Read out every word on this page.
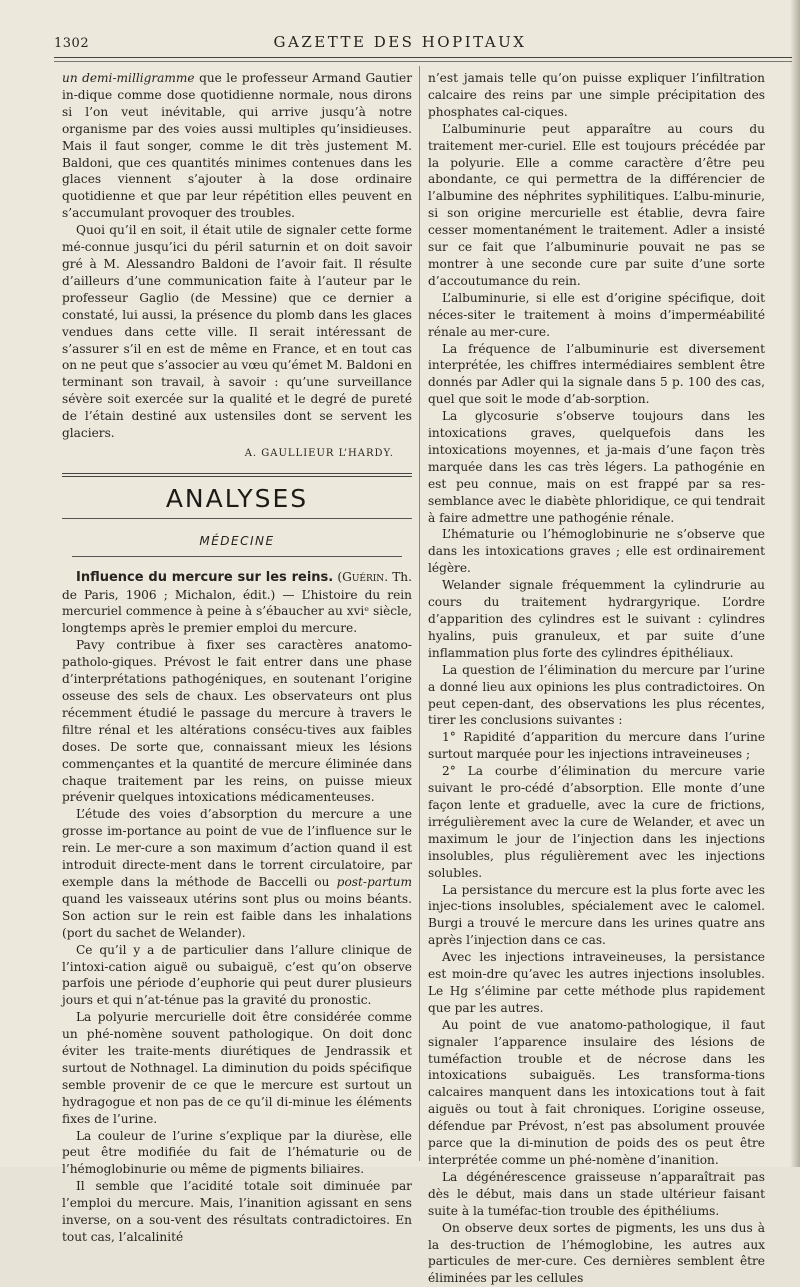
1302	GAZETTE DES HOPITAUX

un demi-milligramme que le professeur Armand Gautier in-dique comme dose quotidienne normale, nous dirons si l’on veut inévitable, qui arrive jusqu’à notre organisme par des voies aussi multiples qu’insidieuses. Mais il faut songer, comme le dit très justement M. Baldoni, que ces quantités minimes contenues dans les glaces viennent s’ajouter à la dose ordinaire quotidienne et que par leur répétition elles peuvent en s’accumulant provoquer des troubles.

Quoi qu’il en soit, il était utile de signaler cette forme mé-connue jusqu’ici du péril saturnin et on doit savoir gré à M. Alessandro Baldoni de l’avoir fait. Il résulte d’ailleurs d’une communication faite à l’auteur par le professeur Gaglio (de Messine) que ce dernier a constaté, lui aussi, la présence du plomb dans les glaces vendues dans cette ville. Il serait intéressant de s’assurer s’il en est de même en France, et en tout cas on ne peut que s’associer au vœu qu’émet M. Baldoni en terminant son travail, à savoir : qu’une surveillance sévère soit exercée sur la qualité et le degré de pureté de l’étain destiné aux ustensiles dont se servent les glaciers.

A. GAULLIEUR L’HARDY.
ANALYSES
MÉDECINE

Influence du mercure sur les reins. (Guérin. Th. de Paris, 1906 ; Michalon, édit.) — L’histoire du rein mercuriel commence à peine à s’ébaucher au xviᵉ siècle, longtemps après le premier emploi du mercure.

Pavy contribue à fixer ses caractères anatomo-patholo-giques. Prévost le fait entrer dans une phase d’interprétations pathogéniques, en soutenant l’origine osseuse des sels de chaux. Les observateurs ont plus récemment étudié le passage du mercure à travers le filtre rénal et les altérations consécu-tives aux faibles doses. De sorte que, connaissant mieux les lésions commençantes et la quantité de mercure éliminée dans chaque traitement par les reins, on puisse mieux prévenir quelques intoxications médicamenteuses.

L’étude des voies d’absorption du mercure a une grosse im-portance au point de vue de l’influence sur le rein. Le mer-cure a son maximum d’action quand il est introduit directe-ment dans le torrent circulatoire, par exemple dans la méthode de Baccelli ou post-partum quand les vaisseaux utérins sont plus ou moins béants. Son action sur le rein est faible dans les inhalations (port du sachet de Welander).

Ce qu’il y a de particulier dans l’allure clinique de l’intoxi-cation aiguë ou subaiguë, c’est qu’on observe parfois une période d’euphorie qui peut durer plusieurs jours et qui n’at-ténue pas la gravité du pronostic.

La polyurie mercurielle doit être considérée comme un phé-nomène souvent pathologique. On doit donc éviter les traite-ments diurétiques de Jendrassik et surtout de Nothnagel. La diminution du poids spécifique semble provenir de ce que le mercure est surtout un hydragogue et non pas de ce qu’il di-minue les éléments fixes de l’urine.

La couleur de l’urine s’explique par la diurèse, elle peut être modifiée du fait de l’hématurie ou de l’hémoglobinurie ou même de pigments biliaires.

Il semble que l’acidité totale soit diminuée par l’emploi du mercure. Mais, l’inanition agissant en sens inverse, on a sou-vent des résultats contradictoires. En tout cas, l’alcalinité

n’est jamais telle qu’on puisse expliquer l’infiltration calcaire des reins par une simple précipitation des phosphates cal-ciques.

L’albuminurie peut apparaître au cours du traitement mer-curiel. Elle est toujours précédée par la polyurie. Elle a comme caractère d’être peu abondante, ce qui permettra de la différencier de l’albumine des néphrites syphilitiques. L’albu-minurie, si son origine mercurielle est établie, devra faire cesser momentanément le traitement. Adler a insisté sur ce fait que l’albuminurie pouvait ne pas se montrer à une seconde cure par suite d’une sorte d’accoutumance du rein.

L’albuminurie, si elle est d’origine spécifique, doit néces-siter le traitement à moins d’imperméabilité rénale au mer-cure.

La fréquence de l’albuminurie est diversement interprétée, les chiffres intermédiaires semblent être donnés par Adler qui la signale dans 5 p. 100 des cas, quel que soit le mode d’ab-sorption.

La glycosurie s’observe toujours dans les intoxications graves, quelquefois dans les intoxications moyennes, et ja-mais d’une façon très marquée dans les cas très légers. La pathogénie en est peu connue, mais on est frappé par sa res-semblance avec le diabète phloridique, ce qui tendrait à faire admettre une pathogénie rénale.

L’hématurie ou l’hémoglobinurie ne s’observe que dans les intoxications graves ; elle est ordinairement légère.

Welander signale fréquemment la cylindrurie au cours du traitement hydrargyrique. L’ordre d’apparition des cylindres est le suivant : cylindres hyalins, puis granuleux, et par suite d’une inflammation plus forte des cylindres épithéliaux.

La question de l’élimination du mercure par l’urine a donné lieu aux opinions les plus contradictoires. On peut cepen-dant, des observations les plus récentes, tirer les conclusions suivantes :

1° Rapidité d’apparition du mercure dans l’urine surtout marquée pour les injections intraveineuses ;

2° La courbe d’élimination du mercure varie suivant le pro-cédé d’absorption. Elle monte d’une façon lente et graduelle, avec la cure de frictions, irrégulièrement avec la cure de Welander, et avec un maximum le jour de l’injection dans les injections insolubles, plus régulièrement avec les injections solubles.

La persistance du mercure est la plus forte avec les injec-tions insolubles, spécialement avec le calomel. Burgi a trouvé le mercure dans les urines quatre ans après l’injection dans ce cas.

Avec les injections intraveineuses, la persistance est moin-dre qu’avec les autres injections insolubles. Le Hg s’élimine par cette méthode plus rapidement que par les autres.

Au point de vue anatomo-pathologique, il faut signaler l’apparence insulaire des lésions de tuméfaction trouble et de nécrose dans les intoxications subaiguës. Les transforma-tions calcaires manquent dans les intoxications tout à fait aiguës ou tout à fait chroniques. L’origine osseuse, défendue par Prévost, n’est pas absolument prouvée parce que la di-minution de poids des os peut être interprétée comme un phé-nomène d’inanition.

La dégénérescence graisseuse n’apparaîtrait pas dès le début, mais dans un stade ultérieur faisant suite à la tuméfac-tion trouble des épithéliums.

On observe deux sortes de pigments, les uns dus à la des-truction de l’hémoglobine, les autres aux particules de mer-cure. Ces dernières semblent être éliminées par les cellules
